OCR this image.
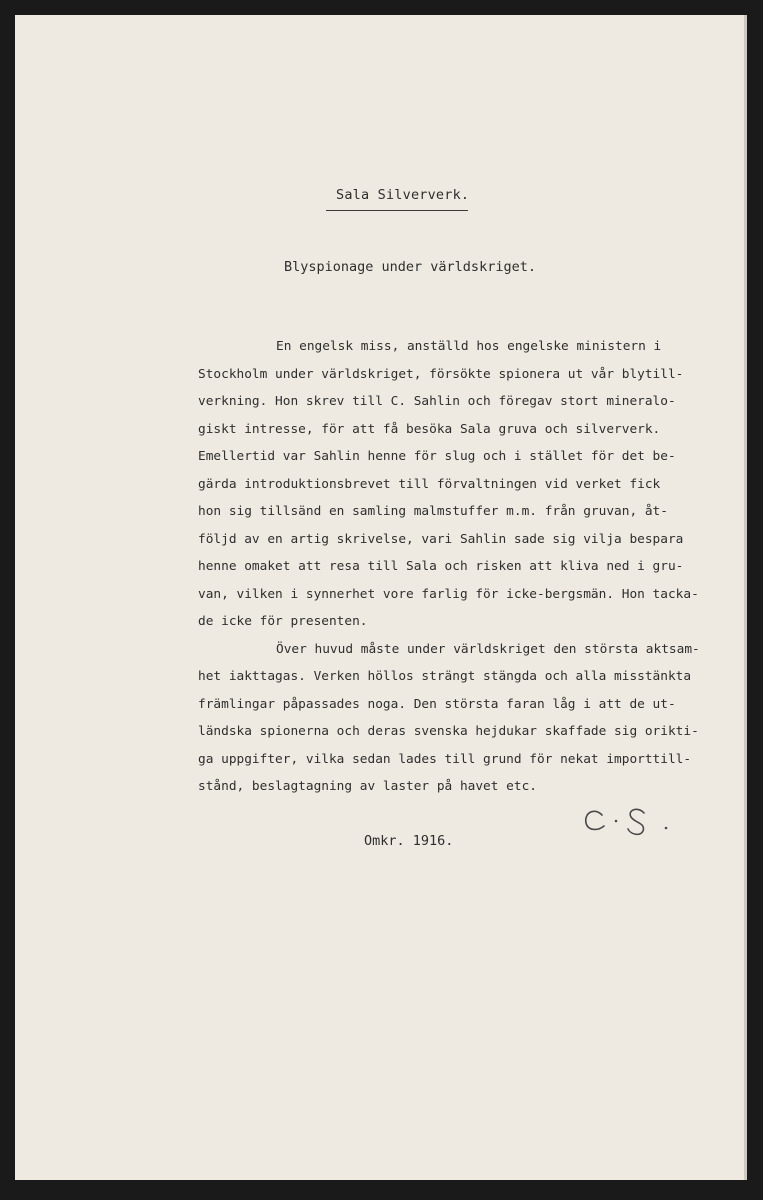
Sala Silververk.
Blyspionage under världskriget.
En engelsk miss, anställd hos engelske ministern i
Stockholm under världskriget, försökte spionera ut vår blytill-
verkning. Hon skrev till C. Sahlin och föregav stort mineralo-
giskt intresse, för att få besöka Sala gruva och silververk.
Emellertid var Sahlin henne för slug och i stället för det be-
gärda introduktionsbrevet till förvaltningen vid verket fick
hon sig tillsänd en samling malmstuffer m.m. från gruvan, åt-
följd av en artig skrivelse, vari Sahlin sade sig vilja bespara
henne omaket att resa till Sala och risken att kliva ned i gru-
van, vilken i synnerhet vore farlig för icke-bergsmän. Hon tacka-
de icke för presenten.
Över huvud måste under världskriget den största aktsam-
het iakttagas. Verken höllos strängt stängda och alla misstänkta
främlingar påpassades noga. Den största faran låg i att de ut-
ländska spionerna och deras svenska hejdukar skaffade sig orikti-
ga uppgifter, vilka sedan lades till grund för nekat importtill-
stånd, beslagtagning av laster på havet etc.
Omkr. 1916.
